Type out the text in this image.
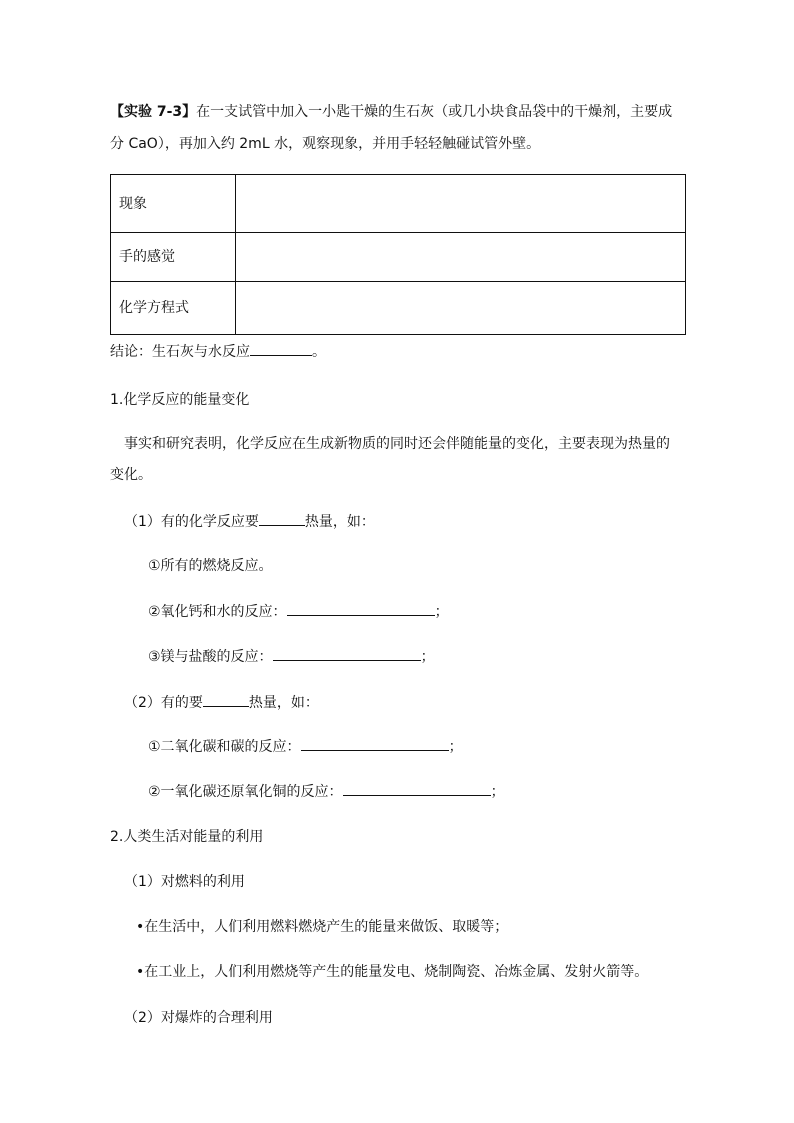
【实验 7-3】在一支试管中加入一小匙干燥的生石灰（或几小块食品袋中的干燥剂，主要成
分 CaO），再加入约 2mL 水，观察现象，并用手轻轻触碰试管外壁。
现象
手的感觉
化学方程式
结论：生石灰与水反应	。
1.化学反应的能量变化
事实和研究表明，化学反应在生成新物质的同时还会伴随能量的变化，主要表现为热量的
变化。
（1）有的化学反应要	热量，如：
①所有的燃烧反应。
②氧化钙和水的反应：	；
③镁与盐酸的反应：	；
（2）有的要	热量，如：
①二氧化碳和碳的反应：	；
②一氧化碳还原氧化铜的反应：	；
2.人类生活对能量的利用
（1）对燃料的利用
•在生活中，人们利用燃料燃烧产生的能量来做饭、取暖等；
•在工业上，人们利用燃烧等产生的能量发电、烧制陶瓷、冶炼金属、发射火箭等。
（2）对爆炸的合理利用
